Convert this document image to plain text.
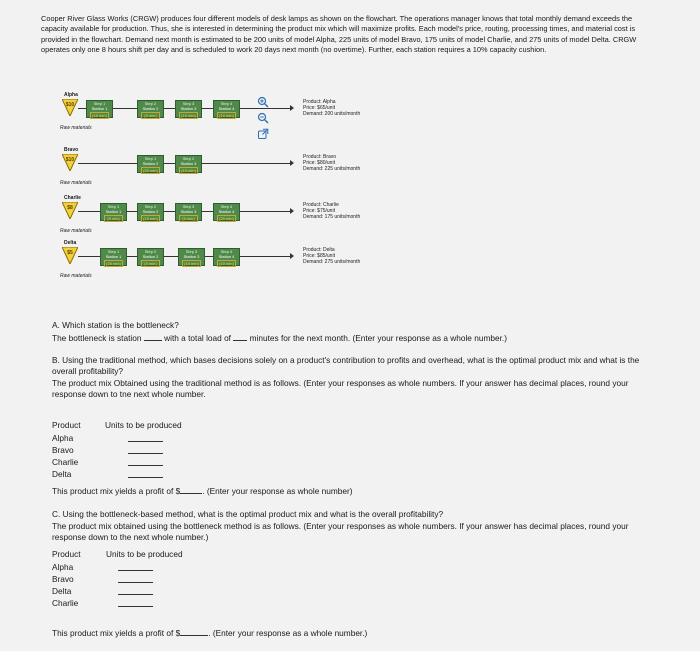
Cooper River Glass Works (CRGW) produces four different models of desk lamps as shown on the flowchart. The operations manager knows that total monthly demand exceeds the capacity available for production. Thus, she is interested in determining the product mix which will maximize profits. Each model's price, routing, processing times, and material cost is provided in the flowchart. Demand next month is estimated to be 200 units of model Alpha, 225 units of model Bravo, 175 units of model Charlie, and 275 units of model Delta. CRGW operates only one 8 hours shift per day and is scheduled to work 20 days next month (no overtime). Further, each station requires a 10% capacity cushion.

Alpha
$10
Raw materials
Step 1
Station 1
(10 min)
Step 2
Station 2
(5 min)
Step 3
Station 3
(15 min)
Step 4
Station 4
(10 min)
Product: Alpha
Price: $65/unit
Demand: 200 units/month
Bravo
$10
Raw materials
Step 1
Station 2
(20 min)
Step 2
Station 3
(10 min)
Product: Bravo
Price: $80/unit
Demand: 225 units/month
Charlie
$8
Raw materials
Step 1
Station 1
(5 min)
Step 2
Station 2
(15 min)
Step 3
Station 3
(5 min)
Step 4
Station 4
(20 min)
Product: Charlie
Price: $75/unit
Demand: 175 units/month
Delta
$5
Raw materials
Step 1
Station 1
(20 min)
Step 2
Station 2
(5 min)
Step 3
Station 3
(10 min)
Step 4
Station 4
(10 min)
Product: Delta
Price: $85/unit
Demand: 275 units/month

A. Which station is the bottleneck?

The bottleneck is station	with a total load of minutes for the next month. (Enter your response as a whole number.)

B. Using the traditional method, which bases decisions solely on a product's contribution to profits and overhead, what is the optimal product mix and what is the overall profitability?

The product mix Obtained using the traditional method is as follows. (Enter your responses as whole numbers. If your answer has decimal places, round your response down to tne next whole number.

Product	Units to be produced
Alpha
Bravo
Charlie
Delta

This product mix yields a profit of $	. (Enter your response as whole number)

C. Using the bottleneck-based method, what is the optimal product mix and what is the overall profitability?

The product mix obtained using the bottleneck method is as follows. (Enter your responses as whole numbers. If your answer has decimal places, round your response down to the next whole number.)

Product	Units to be produced
Alpha
Bravo
Delta
Charlie

This product mix yields a profit of $	. (Enter your response as a whole number.)
